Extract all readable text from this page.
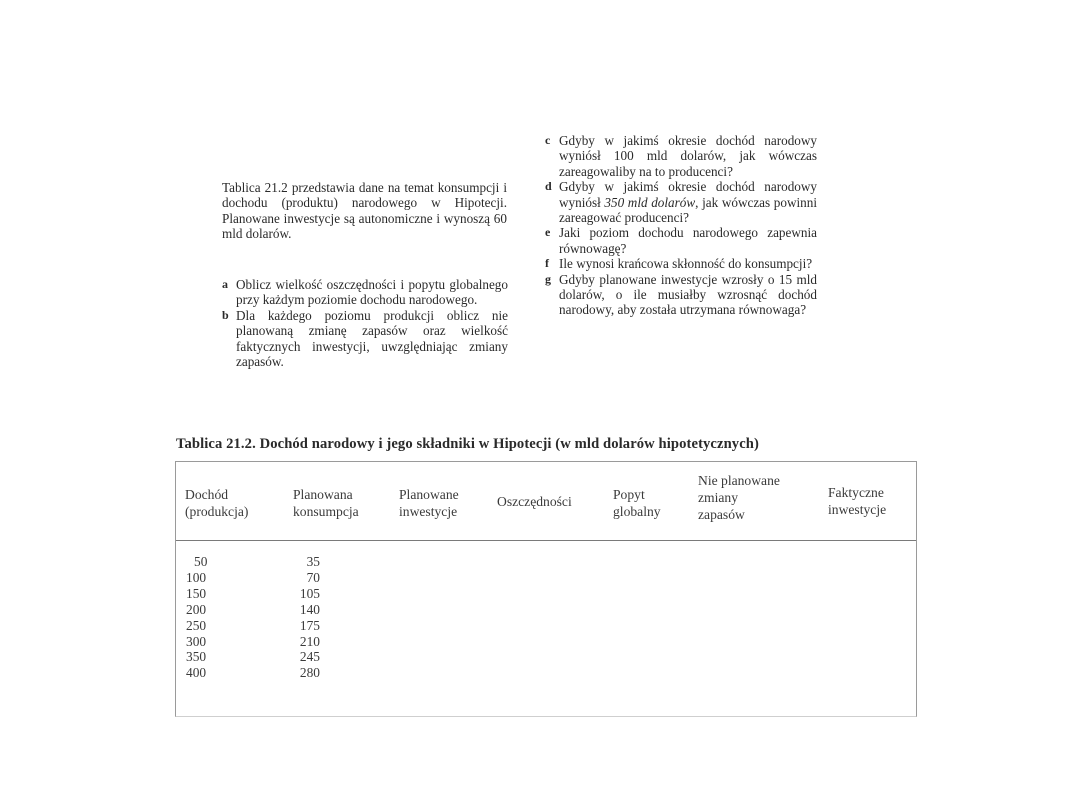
Tablica 21.2 przedstawia dane na temat konsumpcji i dochodu (produktu) narodowego w Hipotecji. Planowane inwestycje są autonomiczne i wynoszą 60 mld dolarów.

a Oblicz wielkość oszczędności i popytu globalnego przy każdym poziomie dochodu narodowego.
b Dla każdego poziomu produkcji oblicz nie planowaną zmianę zapasów oraz wielkość faktycznych inwestycji, uwzględniając zmiany zapasów.
c Gdyby w jakimś okresie dochód narodowy wyniósł 100 mld dolarów, jak wówczas zareagowaliby na to producenci?
d Gdyby w jakimś okresie dochód narodowy wyniósł 350 mld dolarów, jak wówczas powinni zareagować producenci?
e Jaki poziom dochodu narodowego zapewnia równowagę?
f Ile wynosi krańcowa skłonność do konsumpcji?
g Gdyby planowane inwestycje wzrosły o 15 mld dolarów, o ile musiałby wzrosnąć dochód narodowy, aby została utrzymana równowaga?

Tablica 21.2. Dochód narodowy i jego składniki w Hipotecji (w mld dolarów hipotetycznych)

Dochód
(produkcja)
Planowana
konsumpcja
Planowane
inwestycje
Oszczędności	Popyt
globalny
Nie planowane
zmiany
zapasów
Faktyczne
inwestycje
50
100
150
200
250
300
350
400
35
70
105
140
175
210
245
280
